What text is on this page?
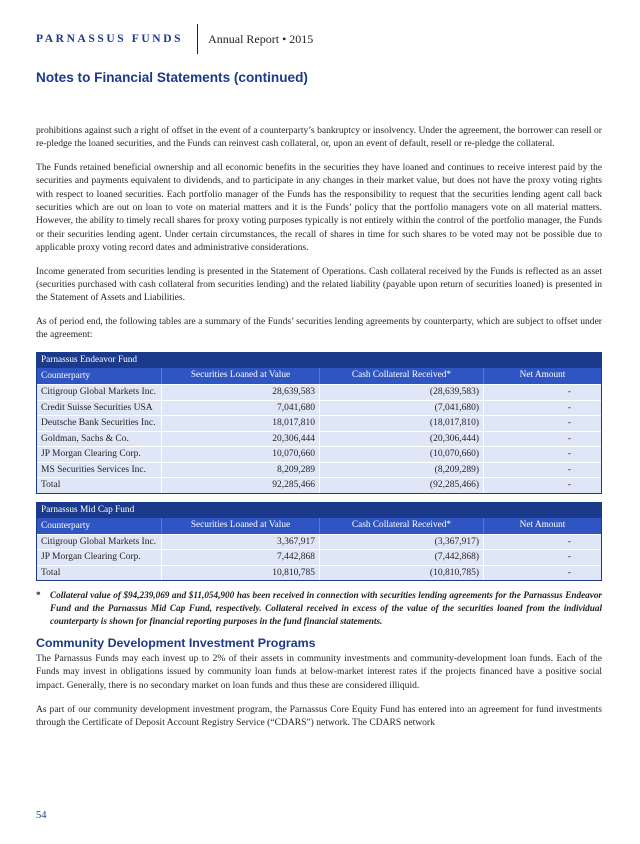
PARNASSUS FUNDS Annual Report • 2015
Notes to Financial Statements (continued)

prohibitions against such a right of offset in the event of a counterparty’s bankruptcy or insolvency. Under the agreement, the borrower can resell or re-pledge the loaned securities, and the Funds can reinvest cash collateral, or, upon an event of default, resell or re-pledge the collateral.

The Funds retained beneficial ownership and all economic benefits in the securities they have loaned and continues to receive interest paid by the securities and payments equivalent to dividends, and to participate in any changes in their market value, but does not have the proxy voting rights with respect to loaned securities. Each portfolio manager of the Funds has the responsibility to request that the securities lending agent call back securities which are out on loan to vote on material matters and it is the Funds’ policy that the portfolio managers vote on all material matters. However, the ability to timely recall shares for proxy voting purposes typically is not entirely within the control of the portfolio manager, the Funds or their securities lending agent. Under certain circumstances, the recall of shares in time for such shares to be voted may not be possible due to applicable proxy voting record dates and administrative considerations.

Income generated from securities lending is presented in the Statement of Operations. Cash collateral received by the Funds is reflected as an asset (securities purchased with cash collateral from securities lending) and the related liability (payable upon return of securities loaned) is presented in the Statement of Assets and Liabilities.

As of period end, the following tables are a summary of the Funds’ securities lending agreements by counterparty, which are subject to offset under the agreement:

Parnassus Endeavor Fund
Counterparty	Securities Loaned at Value	Cash Collateral Received*	Net Amount
Citigroup Global Markets Inc.	28,639,583	(28,639,583)	-
Credit Suisse Securities USA	7,041,680	(7,041,680)	-
Deutsche Bank Securities Inc.	18,017,810	(18,017,810)	-
Goldman, Sachs & Co.	20,306,444	(20,306,444)	-
JP Morgan Clearing Corp.	10,070,660	(10,070,660)	-
MS Securities Services Inc.	8,209,289	(8,209,289)	-
Total	92,285,466	(92,285,466)	-
Parnassus Mid Cap Fund
Counterparty	Securities Loaned at Value	Cash Collateral Received*	Net Amount
Citigroup Global Markets Inc.	3,367,917	(3,367,917)	-
JP Morgan Clearing Corp.	7,442,868	(7,442,868)	-
Total	10,810,785	(10,810,785)	-
*	Collateral value of $94,239,069 and $11,054,900 has been received in connection with securities lending agreements for the Parnassus Endeavor Fund and the Parnassus Mid Cap Fund, respectively. Collateral received in excess of the value of the securities loaned from the individual counterparty is shown for financial reporting purposes in the fund financial statements.
Community Development Investment Programs

The Parnassus Funds may each invest up to 2% of their assets in community investments and community-development loan funds. Each of the Funds may invest in obligations issued by community loan funds at below-market interest rates if the projects financed have a positive social impact. Generally, there is no secondary market on loan funds and thus these are considered illiquid.

As part of our community development investment program, the Parnassus Core Equity Fund has entered into an agreement for fund investments through the Certificate of Deposit Account Registry Service (“CDARS”) network. The CDARS network

54
